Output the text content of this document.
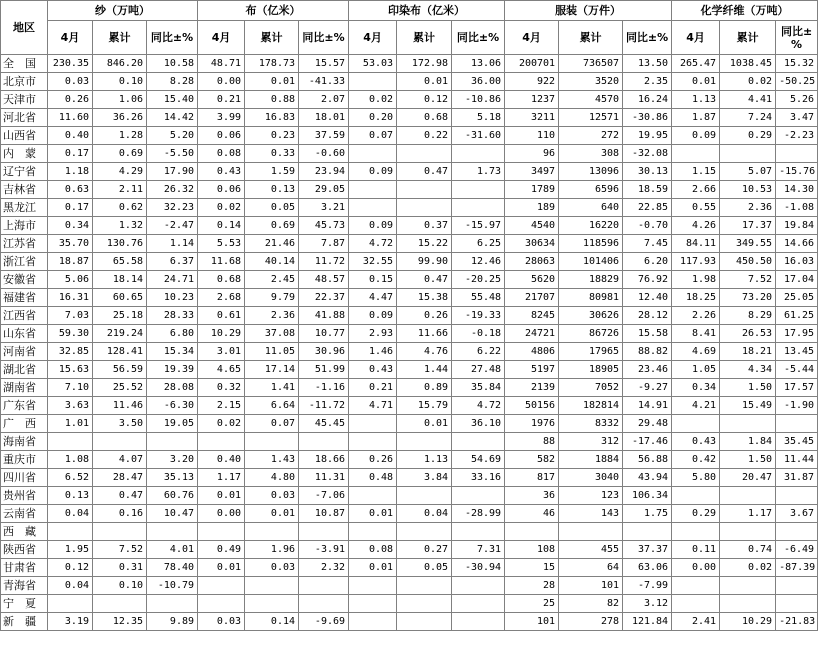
地区	纱（万吨）			布（亿米）			印染布（亿米）			服装（万件）			化学纤维（万吨）		
	4月	累计	同比±%	4月	累计	同比±%	4月	累计	同比±%	4月	累计	同比±%	4月	累计	同比±%
全　国	230.35	846.20	10.58	48.71	178.73	15.57	53.03	172.98	13.06	200701	736507	13.50	265.47	1038.45	15.32
北京市	0.03	0.10	8.28	0.00	0.01	-41.33		0.01	36.00	922	3520	2.35	0.01	0.02	-50.25
天津市	0.26	1.06	15.40	0.21	0.88	2.07	0.02	0.12	-10.86	1237	4570	16.24	1.13	4.41	5.26
河北省	11.60	36.26	14.42	3.99	16.83	18.01	0.20	0.68	5.18	3211	12571	-30.86	1.87	7.24	3.47
山西省	0.40	1.28	5.20	0.06	0.23	37.59	0.07	0.22	-31.60	110	272	19.95	0.09	0.29	-2.23
内　蒙	0.17	0.69	-5.50	0.08	0.33	-0.60				96	308	-32.08			
辽宁省	1.18	4.29	17.90	0.43	1.59	23.94	0.09	0.47	1.73	3497	13096	30.13	1.15	5.07	-15.76
吉林省	0.63	2.11	26.32	0.06	0.13	29.05				1789	6596	18.59	2.66	10.53	14.30
黑龙江	0.17	0.62	32.23	0.02	0.05	3.21				189	640	22.85	0.55	2.36	-1.08
上海市	0.34	1.32	-2.47	0.14	0.69	45.73	0.09	0.37	-15.97	4540	16220	-0.70	4.26	17.37	19.84
江苏省	35.70	130.76	1.14	5.53	21.46	7.87	4.72	15.22	6.25	30634	118596	7.45	84.11	349.55	14.66
浙江省	18.87	65.58	6.37	11.68	40.14	11.72	32.55	99.90	12.46	28063	101406	6.20	117.93	450.50	16.03
安徽省	5.06	18.14	24.71	0.68	2.45	48.57	0.15	0.47	-20.25	5620	18829	76.92	1.98	7.52	17.04
福建省	16.31	60.65	10.23	2.68	9.79	22.37	4.47	15.38	55.48	21707	80981	12.40	18.25	73.20	25.05
江西省	7.03	25.18	28.33	0.61	2.36	41.88	0.09	0.26	-19.33	8245	30626	28.12	2.26	8.29	61.25
山东省	59.30	219.24	6.80	10.29	37.08	10.77	2.93	11.66	-0.18	24721	86726	15.58	8.41	26.53	17.95
河南省	32.85	128.41	15.34	3.01	11.05	30.96	1.46	4.76	6.22	4806	17965	88.82	4.69	18.21	13.45
湖北省	15.63	56.59	19.39	4.65	17.14	51.99	0.43	1.44	27.48	5197	18905	23.46	1.05	4.34	-5.44
湖南省	7.10	25.52	28.08	0.32	1.41	-1.16	0.21	0.89	35.84	2139	7052	-9.27	0.34	1.50	17.57
广东省	3.63	11.46	-6.30	2.15	6.64	-11.72	4.71	15.79	4.72	50156	182814	14.91	4.21	15.49	-1.90
广　西	1.01	3.50	19.05	0.02	0.07	45.45		0.01	36.10	1976	8332	29.48			
海南省										88	312	-17.46	0.43	1.84	35.45
重庆市	1.08	4.07	3.20	0.40	1.43	18.66	0.26	1.13	54.69	582	1884	56.88	0.42	1.50	11.44
四川省	6.52	28.47	35.13	1.17	4.80	11.31	0.48	3.84	33.16	817	3040	43.94	5.80	20.47	31.87
贵州省	0.13	0.47	60.76	0.01	0.03	-7.06				36	123	106.34			
云南省	0.04	0.16	10.47	0.00	0.01	10.87	0.01	0.04	-28.99	46	143	1.75	0.29	1.17	3.67
西　藏															
陕西省	1.95	7.52	4.01	0.49	1.96	-3.91	0.08	0.27	7.31	108	455	37.37	0.11	0.74	-6.49
甘肃省	0.12	0.31	78.40	0.01	0.03	2.32	0.01	0.05	-30.94	15	64	63.06	0.00	0.02	-87.39
青海省	0.04	0.10	-10.79							28	101	-7.99			
宁　夏										25	82	3.12			
新　疆	3.19	12.35	9.89	0.03	0.14	-9.69				101	278	121.84	2.41	10.29	-21.83
